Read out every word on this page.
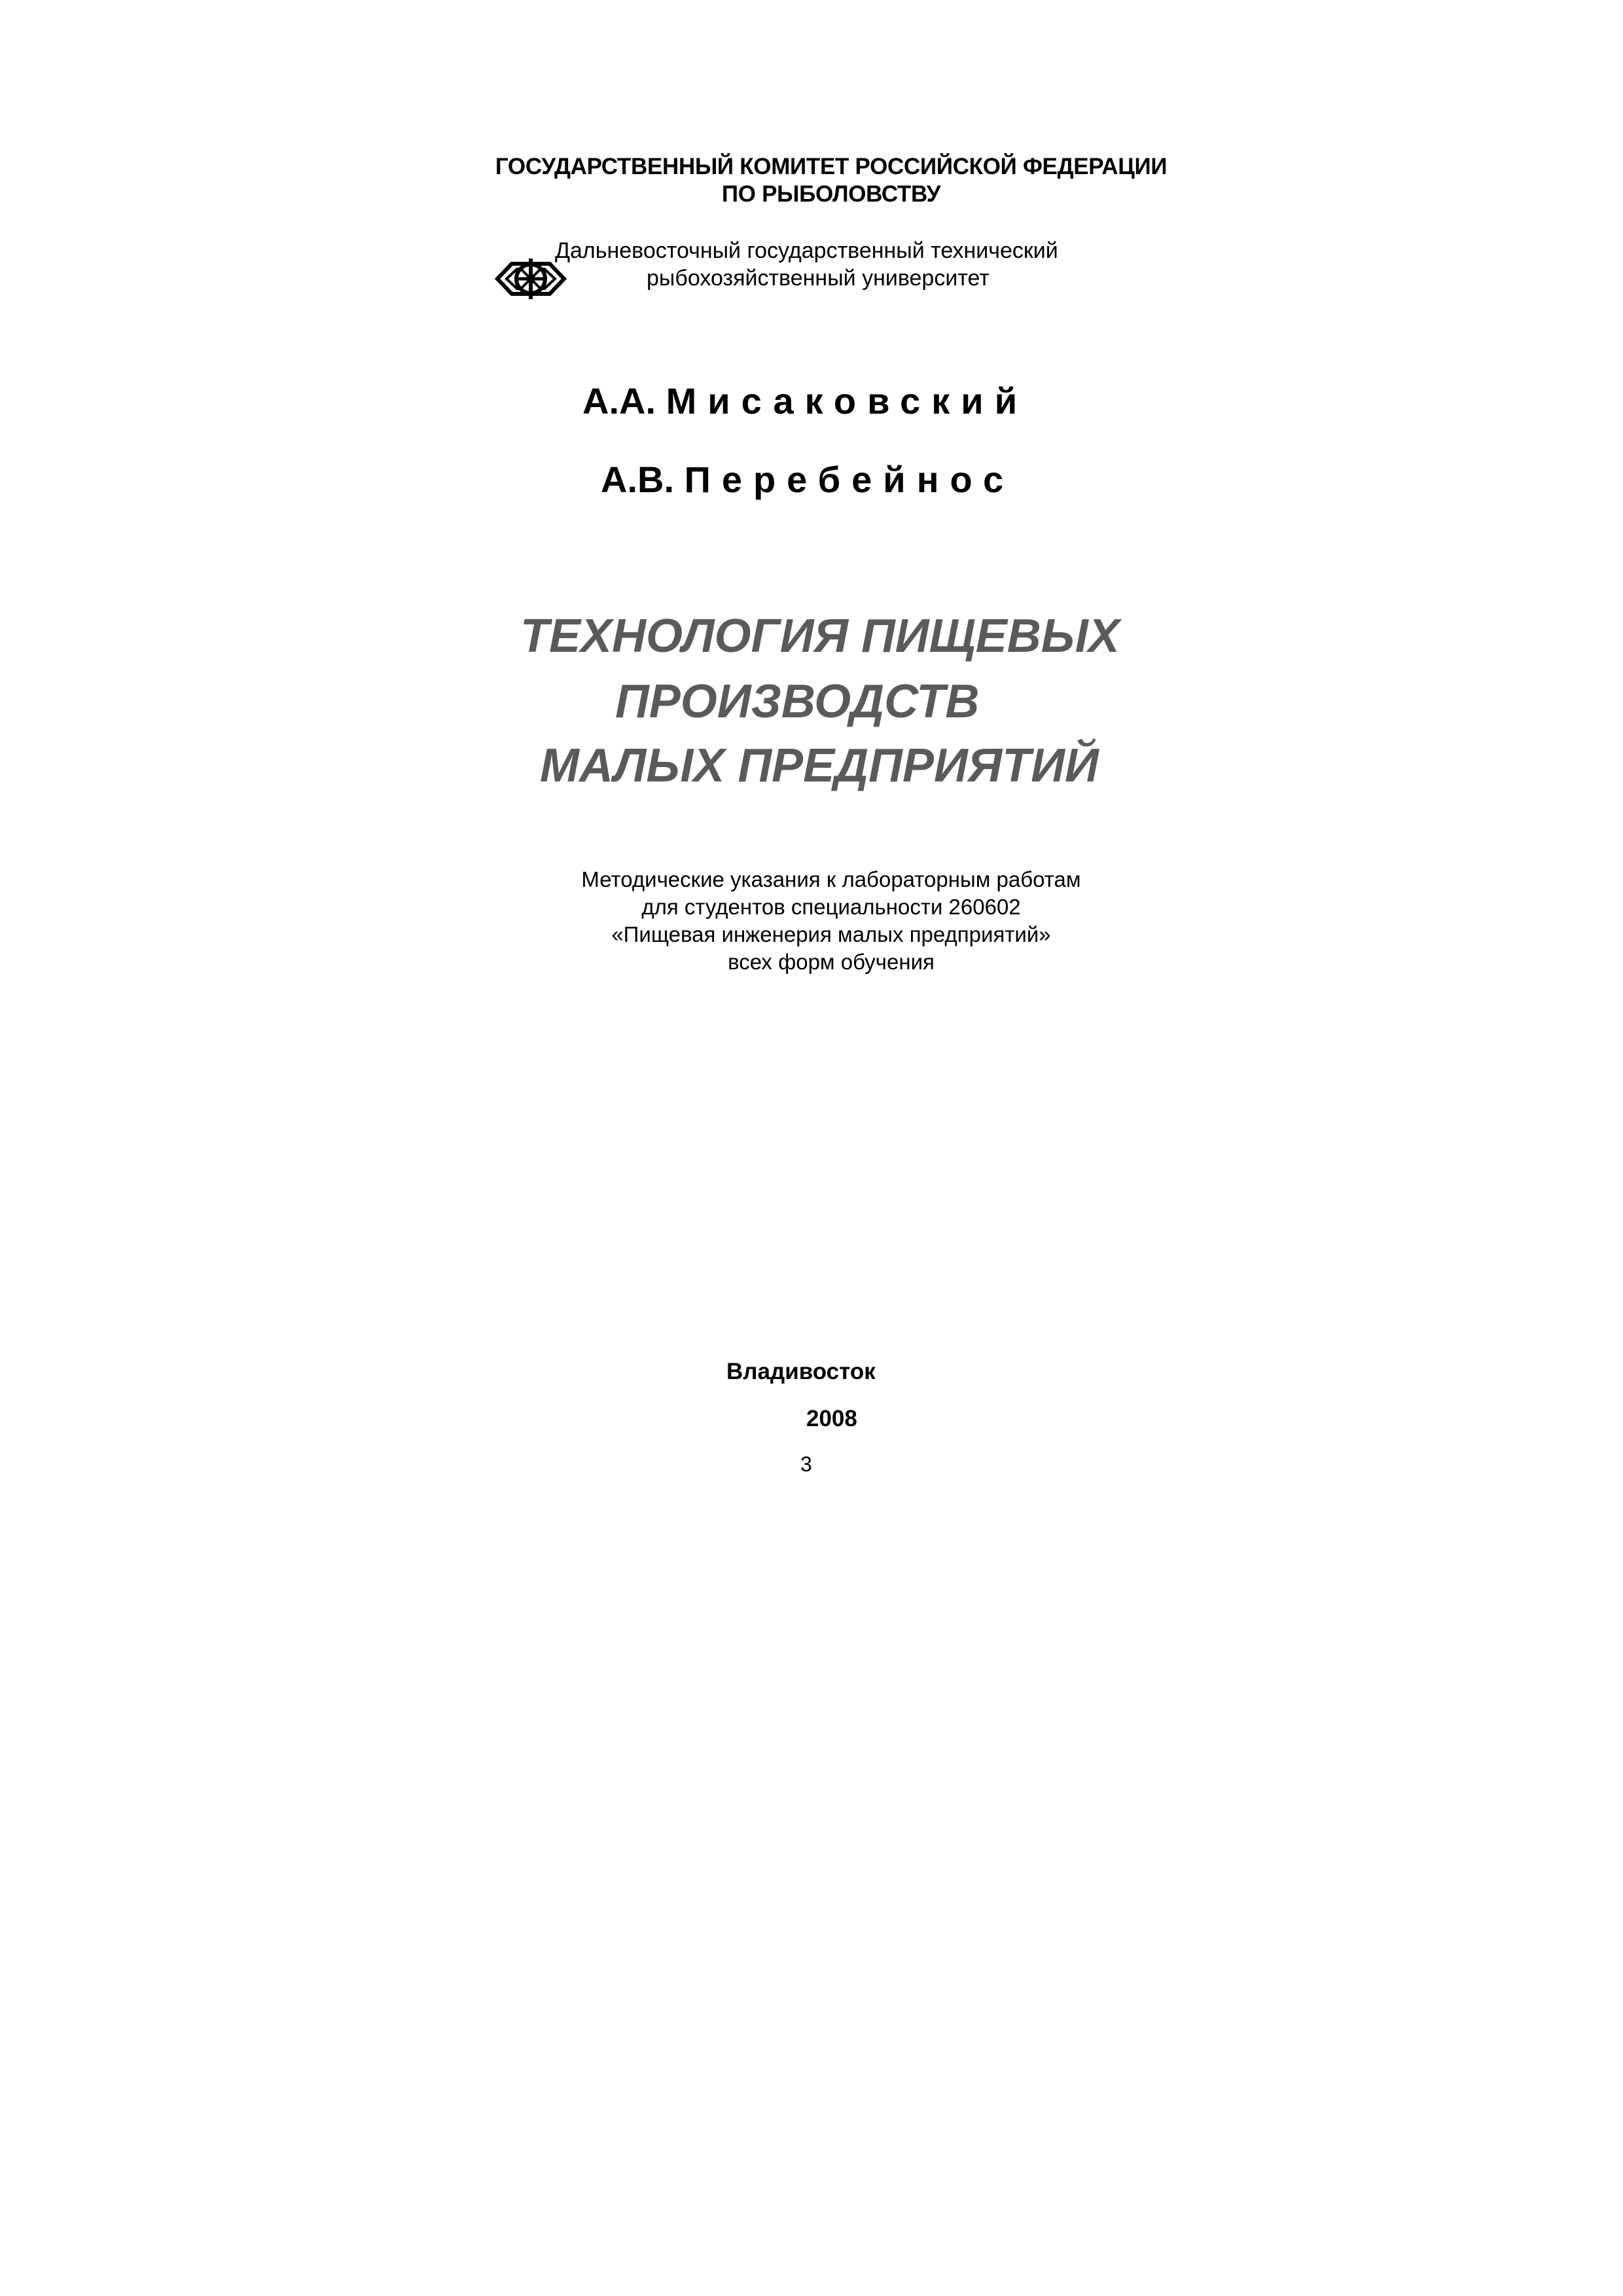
ГОСУДАРСТВЕННЫЙ КОМИТЕТ РОССИЙСКОЙ ФЕДЕРАЦИИ
ПО РЫБОЛОВСТВУ
Дальневосточный государственный технический
рыбохозяйственный университет
А.А. Мисаковский
А.В. Перебейнос
ТЕХНОЛОГИЯ ПИЩЕВЫХ
ПРОИЗВОДСТВ
МАЛЫХ ПРЕДПРИЯТИЙ
Методические указания к лабораторным работам
для студентов специальности 260602
«Пищевая инженерия малых предприятий»
всех форм обучения
Владивосток
2008
3
